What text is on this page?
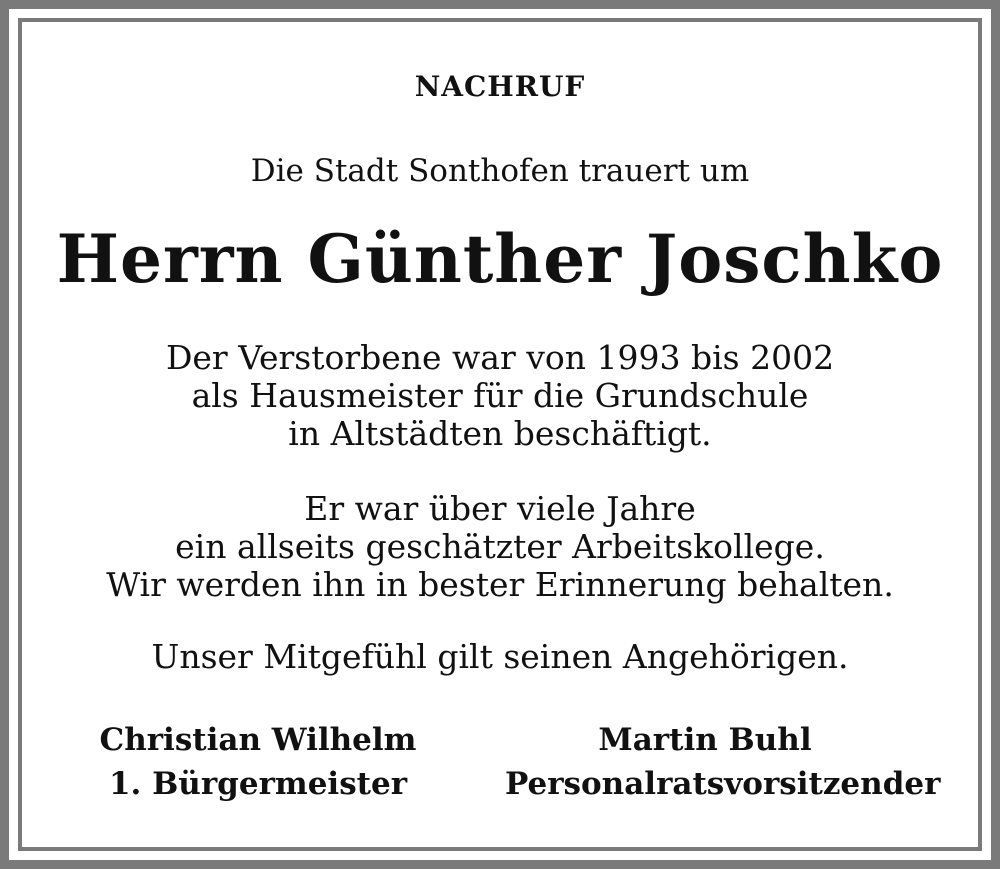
NACHRUF

Die Stadt Sonthofen trauert um

Herrn Günther Joschko

Der Verstorbene war von 1993 bis 2002
als Hausmeister für die Grundschule
in Altstädten beschäftigt.
Er war über viele Jahre
ein allseits geschätzter Arbeitskollege.
Wir werden ihn in bester Erinnerung behalten.
Unser Mitgefühl gilt seinen Angehörigen.
Christian Wilhelm
1. Bürgermeister
Martin Buhl
Personalratsvorsitzender
